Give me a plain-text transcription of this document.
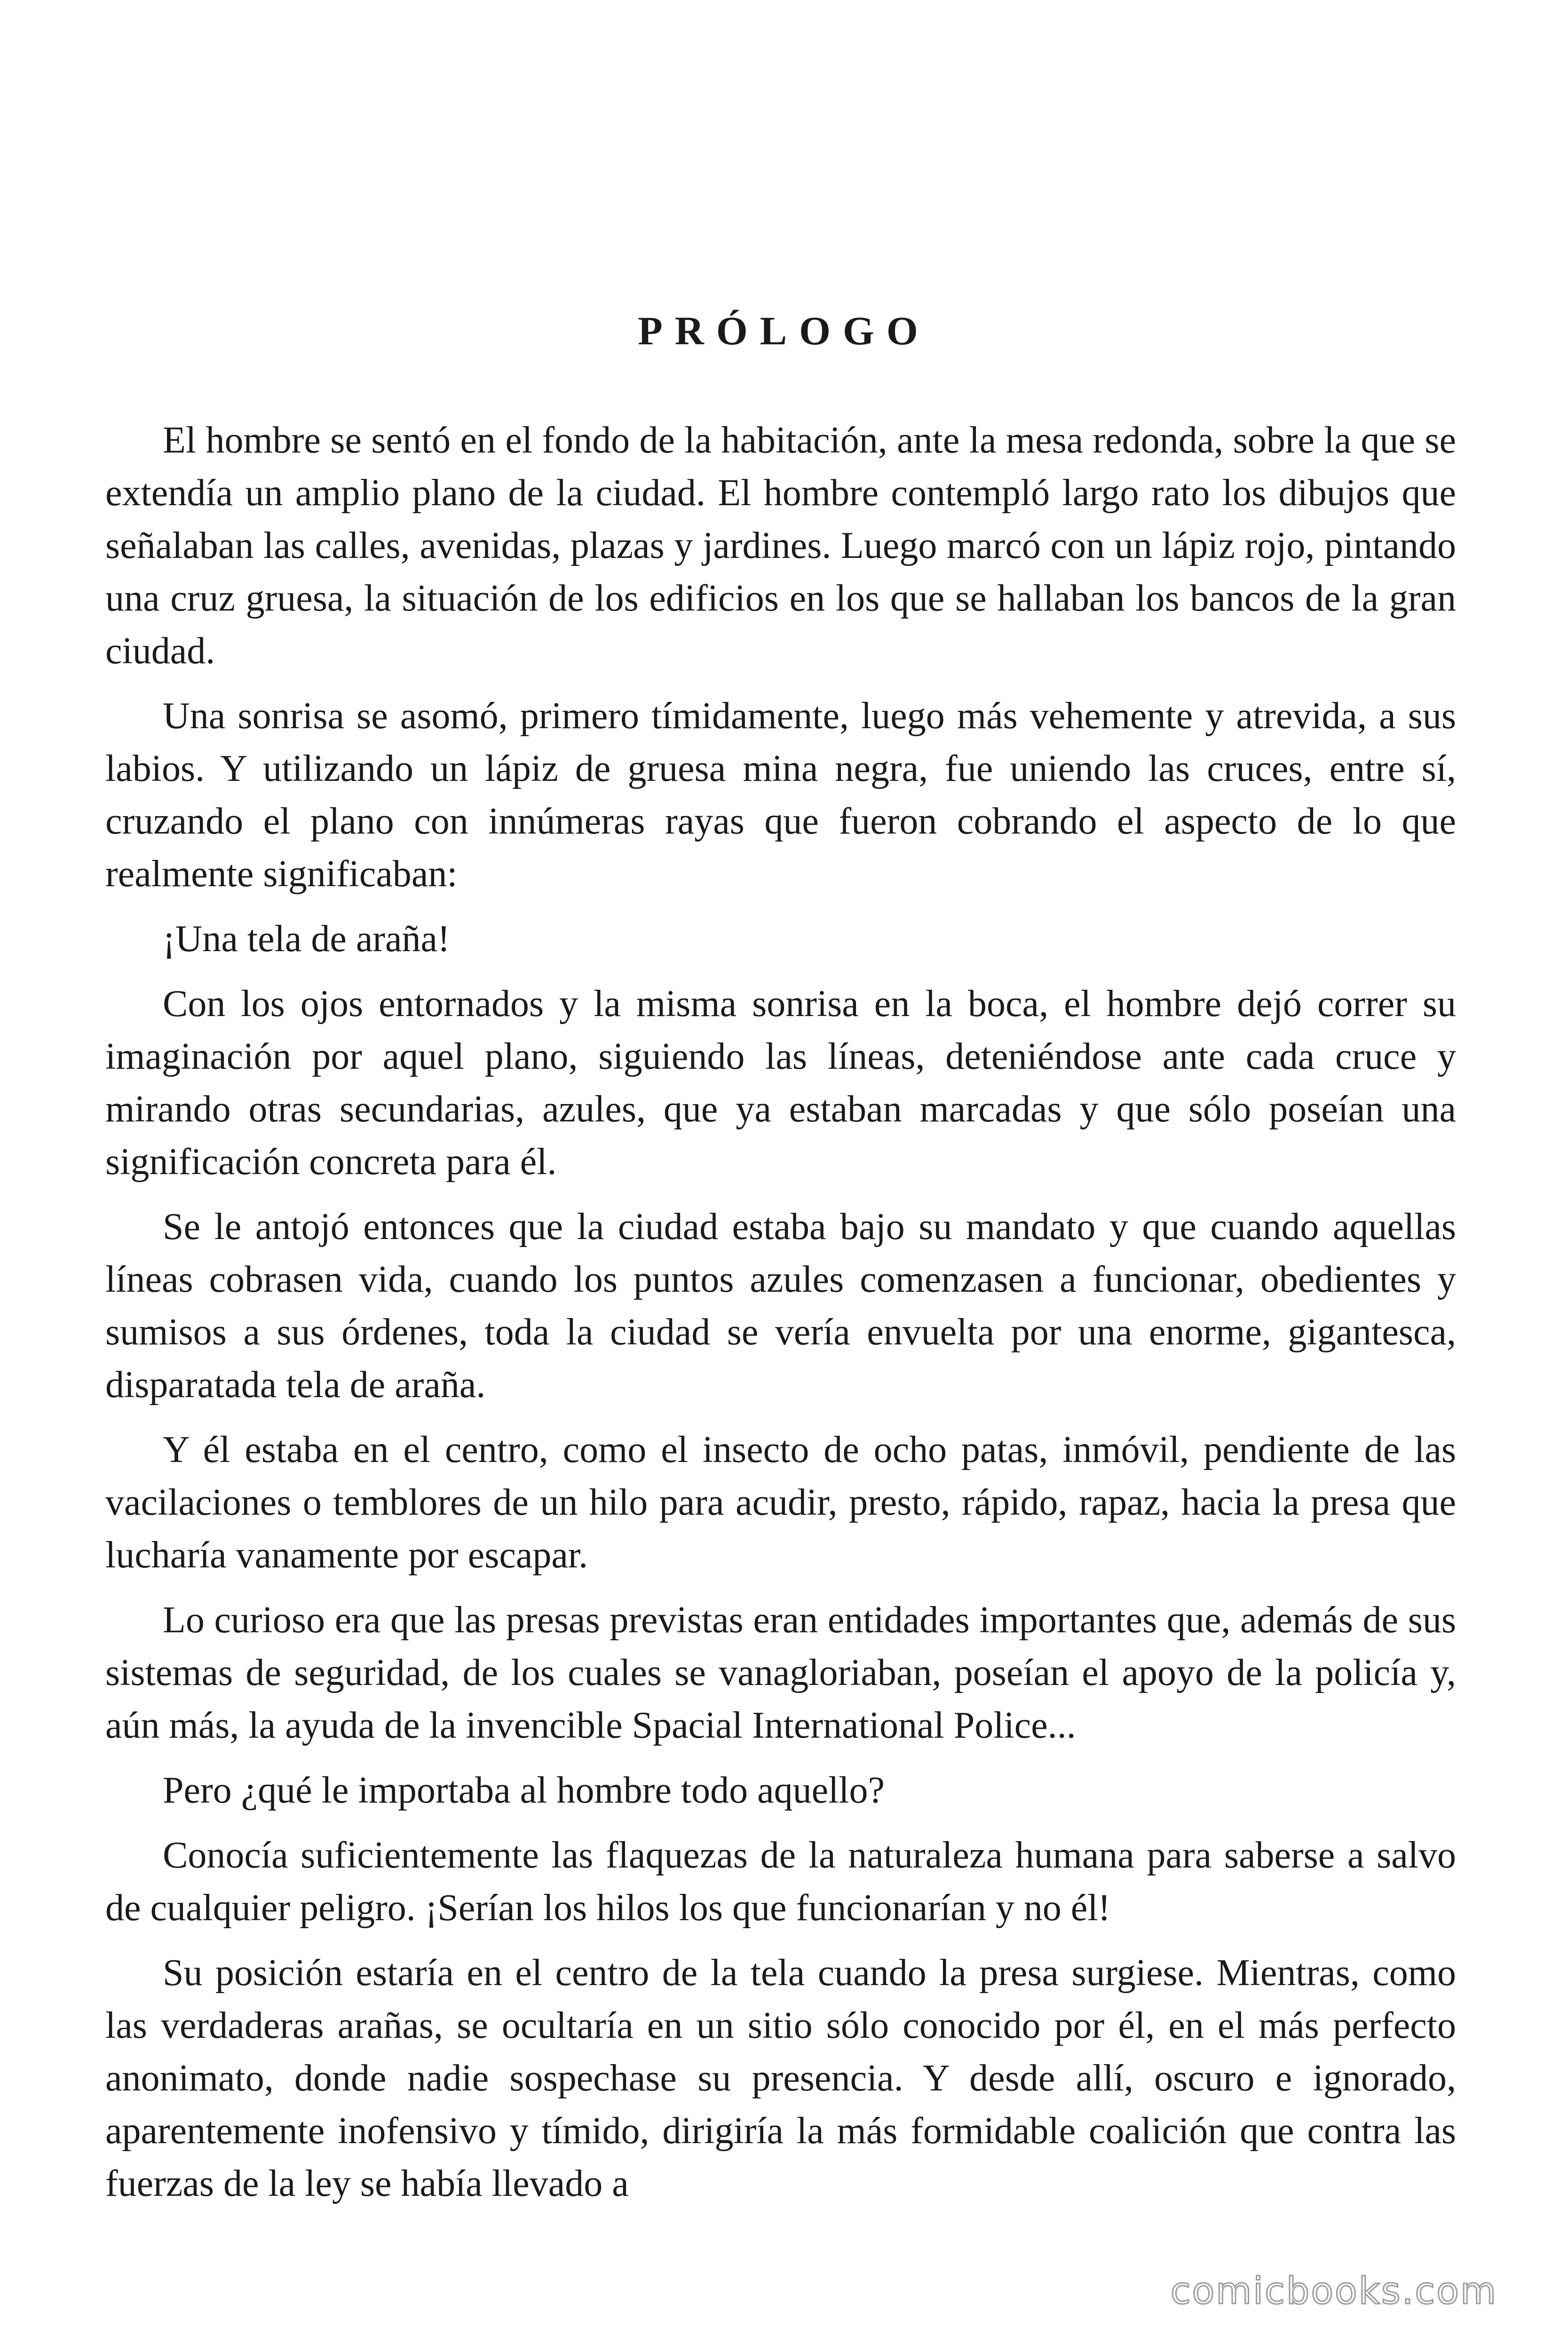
PRÓLOGO

El hombre se sentó en el fondo de la habitación, ante la mesa redonda, sobre la que se extendía un amplio plano de la ciudad. El hombre contempló largo rato los dibujos que señalaban las calles, avenidas, plazas y jardines. Luego marcó con un lápiz rojo, pintando una cruz gruesa, la situación de los edificios en los que se hallaban los bancos de la gran ciudad.

Una sonrisa se asomó, primero tímidamente, luego más vehemente y atrevida, a sus labios. Y utilizando un lápiz de gruesa mina negra, fue uniendo las cruces, entre sí, cruzando el plano con innúmeras rayas que fueron cobrando el aspecto de lo que realmente significaban:

¡Una tela de araña!

Con los ojos entornados y la misma sonrisa en la boca, el hombre dejó correr su imaginación por aquel plano, siguiendo las líneas, deteniéndose ante cada cruce y mirando otras secundarias, azules, que ya estaban marcadas y que sólo poseían una significación concreta para él.

Se le antojó entonces que la ciudad estaba bajo su mandato y que cuando aquellas líneas cobrasen vida, cuando los puntos azules comenzasen a funcionar, obedientes y sumisos a sus órdenes, toda la ciudad se vería envuelta por una enorme, gigantesca, disparatada tela de araña.

Y él estaba en el centro, como el insecto de ocho patas, inmóvil, pendiente de las vacilaciones o temblores de un hilo para acudir, presto, rápido, rapaz, hacia la presa que lucharía vanamente por escapar.

Lo curioso era que las presas previstas eran entidades importantes que, además de sus sistemas de seguridad, de los cuales se vanagloriaban, poseían el apoyo de la policía y, aún más, la ayuda de la invencible Spacial International Police...

Pero ¿qué le importaba al hombre todo aquello?

Conocía suficientemente las flaquezas de la naturaleza humana para saberse a salvo de cualquier peligro. ¡Serían los hilos los que funcionarían y no él!

Su posición estaría en el centro de la tela cuando la presa surgiese. Mientras, como las verdaderas arañas, se ocultaría en un sitio sólo conocido por él, en el más perfecto anonimato, donde nadie sospechase su presencia. Y desde allí, oscuro e ignorado, aparentemente inofensivo y tímido, dirigiría la más formidable coalición que contra las fuerzas de la ley se había llevado a

comicbooks.com
